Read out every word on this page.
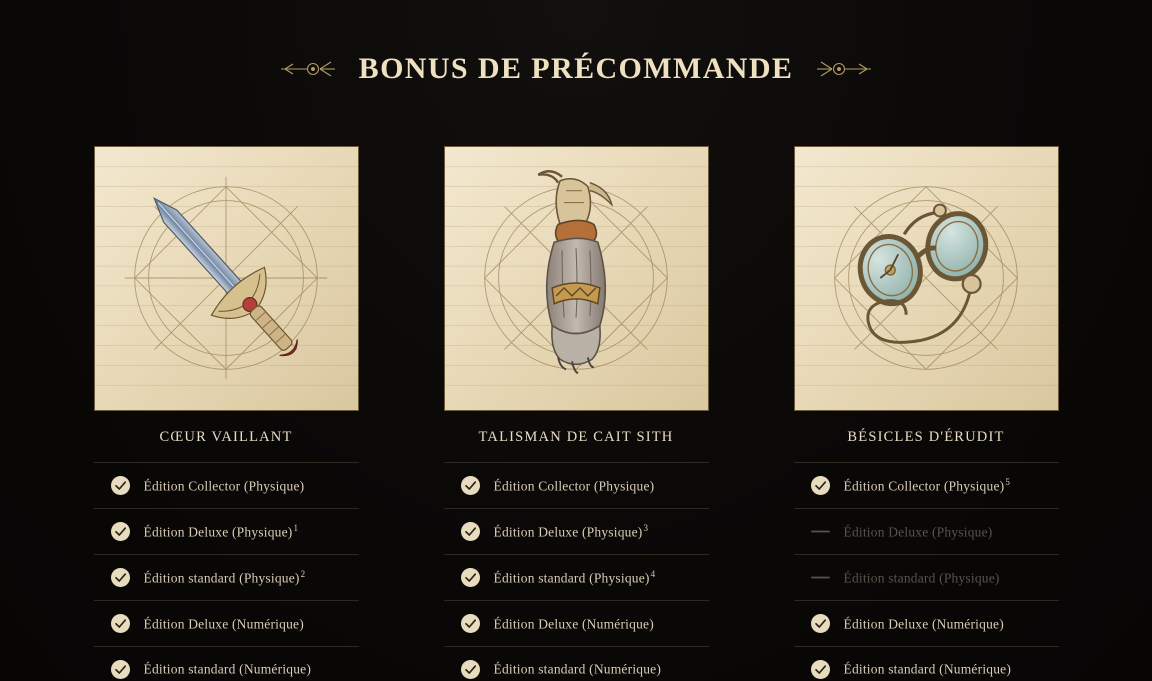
BONUS DE PRÉCOMMANDE
CŒUR VAILLANT
Édition Collector (Physique)
Édition Deluxe (Physique)$^1$
Édition standard (Physique)$^2$
Édition Deluxe (Numérique)
Édition standard (Numérique)
TALISMAN DE CAIT SITH
Édition Collector (Physique)
Édition Deluxe (Physique)$^3$
Édition standard (Physique)$^4$
Édition Deluxe (Numérique)
Édition standard (Numérique)
BÉSICLES D'ÉRUDIT
Édition Collector (Physique)$^5$
Édition Deluxe (Physique)
Édition standard (Physique)
Édition Deluxe (Numérique)
Édition standard (Numérique)
